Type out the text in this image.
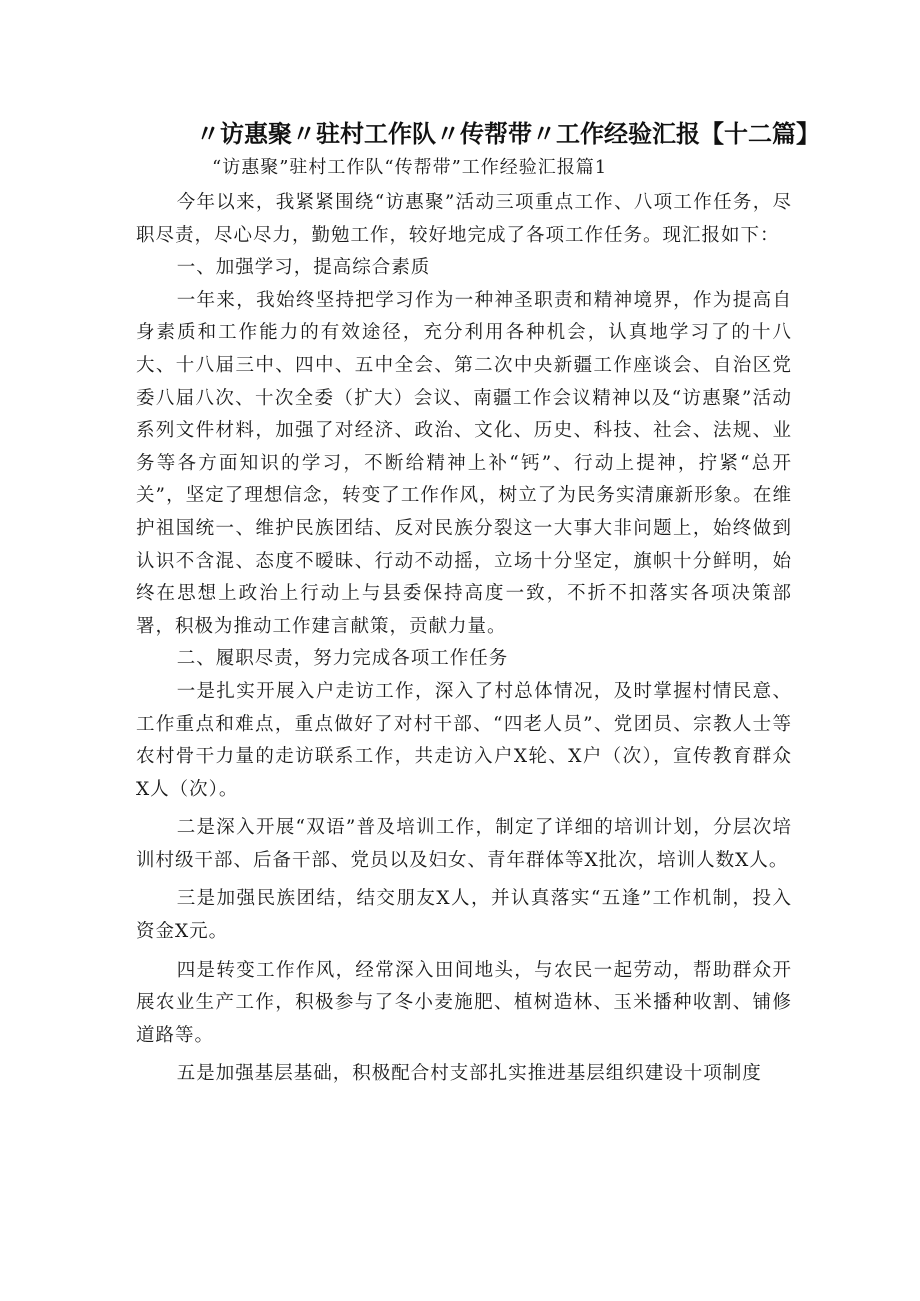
〃访惠聚〃驻村工作队〃传帮带〃工作经验汇报【十二篇】
“访惠聚”驻村工作队“传帮带”工作经验汇报篇1

今年以来，我紧紧围绕“访惠聚”活动三项重点工作、八项工作任务，尽职尽责，尽心尽力，勤勉工作，较好地完成了各项工作任务。现汇报如下：

一、加强学习，提高综合素质

一年来，我始终坚持把学习作为一种神圣职责和精神境界，作为提高自身素质和工作能力的有效途径，充分利用各种机会，认真地学习了的十八大、十八届三中、四中、五中全会、第二次中央新疆工作座谈会、自治区党委八届八次、十次全委（扩大）会议、南疆工作会议精神以及“访惠聚”活动系列文件材料，加强了对经济、政治、文化、历史、科技、社会、法规、业务等各方面知识的学习，不断给精神上补“钙”、行动上提神，拧紧“总开关”，坚定了理想信念，转变了工作作风，树立了为民务实清廉新形象。在维护祖国统一、维护民族团结、反对民族分裂这一大事大非问题上，始终做到认识不含混、态度不暧昧、行动不动摇，立场十分坚定，旗帜十分鲜明，始终在思想上政治上行动上与县委保持高度一致，不折不扣落实各项决策部署，积极为推动工作建言献策，贡献力量。

二、履职尽责，努力完成各项工作任务

一是扎实开展入户走访工作，深入了村总体情况，及时掌握村情民意、工作重点和难点，重点做好了对村干部、“四老人员”、党团员、宗教人士等农村骨干力量的走访联系工作，共走访入户X轮、X户（次），宣传教育群众X人（次）。

二是深入开展“双语”普及培训工作，制定了详细的培训计划，分层次培训村级干部、后备干部、党员以及妇女、青年群体等X批次，培训人数X人。

三是加强民族团结，结交朋友X人，并认真落实“五逢”工作机制，投入资金X元。

四是转变工作作风，经常深入田间地头，与农民一起劳动，帮助群众开展农业生产工作，积极参与了冬小麦施肥、植树造林、玉米播种收割、铺修道路等。

五是加强基层基础，积极配合村支部扎实推进基层组织建设十项制度
